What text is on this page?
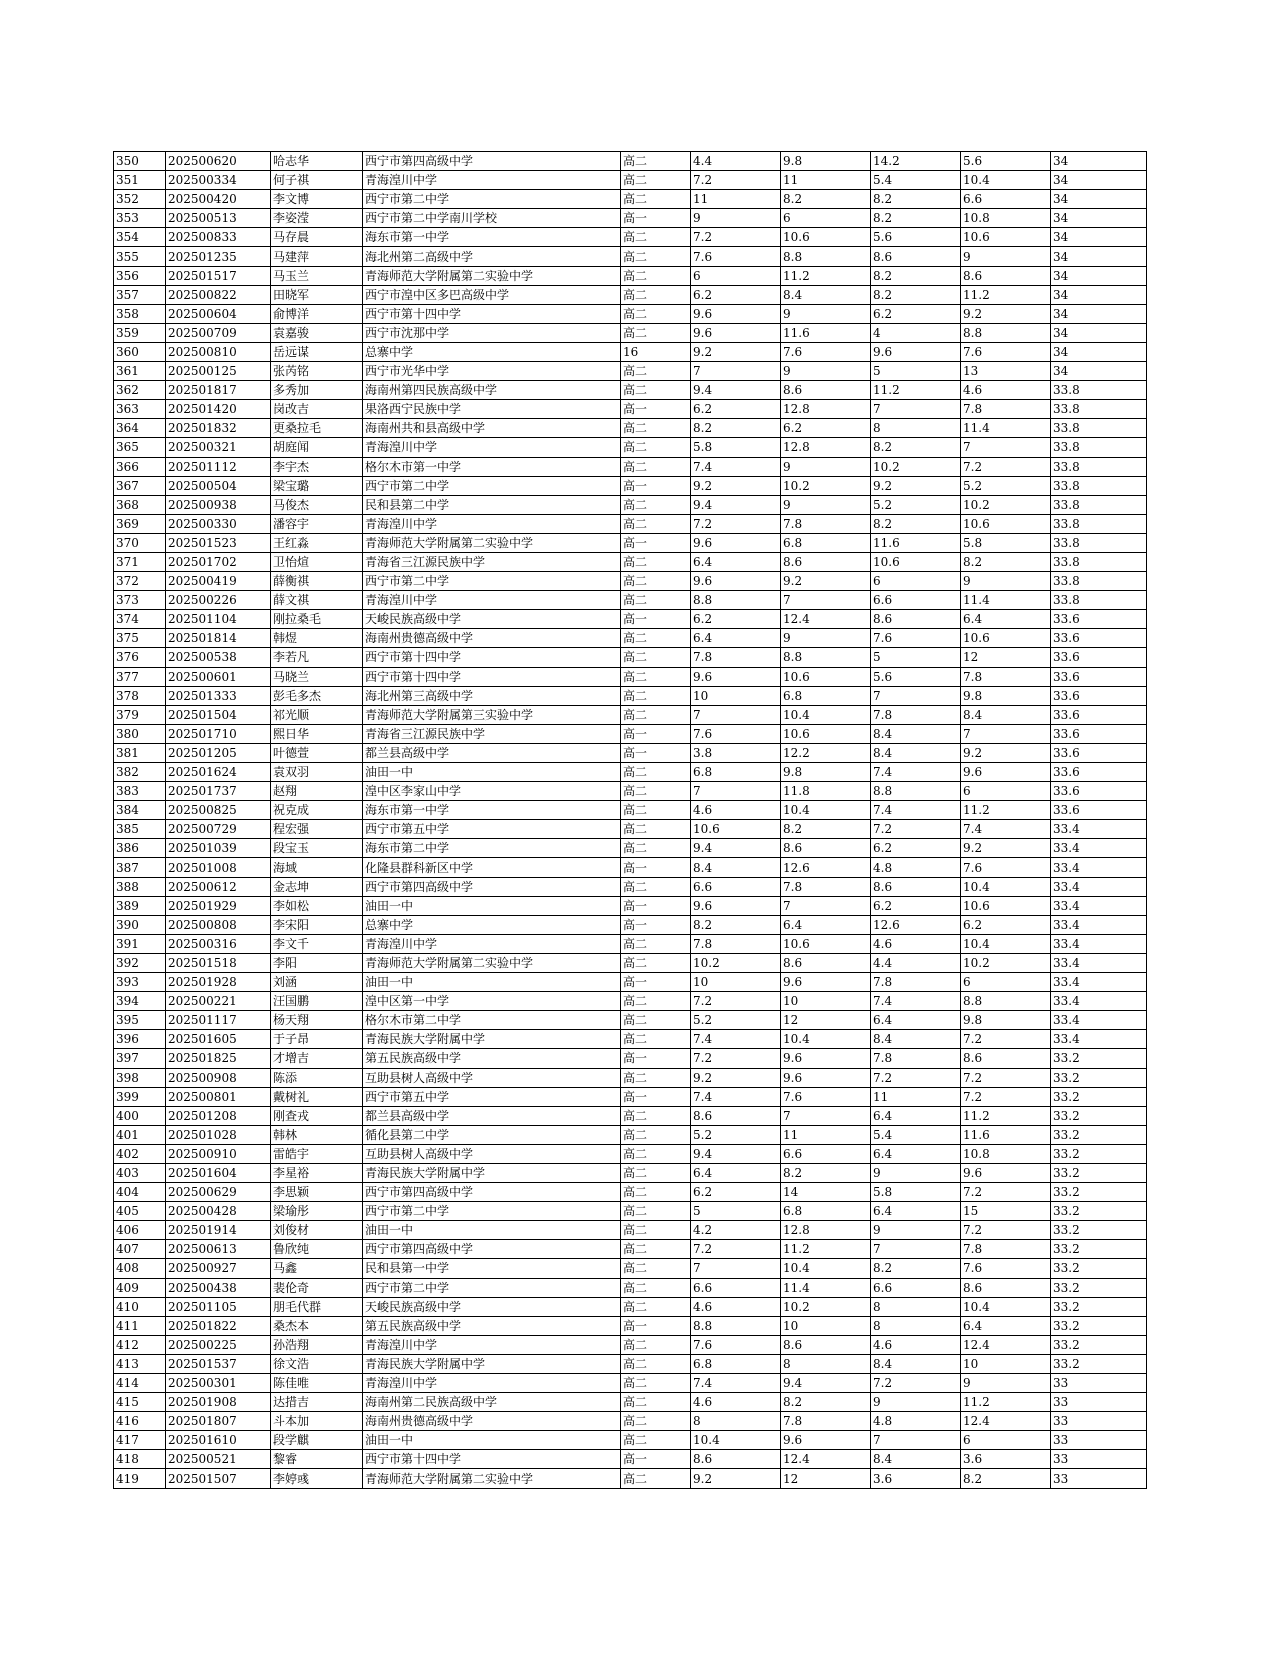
350	202500620	哈志华	西宁市第四高级中学	高二	4.4	9.8	14.2	5.6	34
351	202500334	何子祺	青海湟川中学	高二	7.2	11	5.4	10.4	34
352	202500420	李文博	西宁市第二中学	高二	11	8.2	8.2	6.6	34
353	202500513	李姿滢	西宁市第二中学南川学校	高一	9	6	8.2	10.8	34
354	202500833	马存晨	海东市第一中学	高二	7.2	10.6	5.6	10.6	34
355	202501235	马建萍	海北州第二高级中学	高二	7.6	8.8	8.6	9	34
356	202501517	马玉兰	青海师范大学附属第二实验中学	高二	6	11.2	8.2	8.6	34
357	202500822	田晓军	西宁市湟中区多巴高级中学	高二	6.2	8.4	8.2	11.2	34
358	202500604	俞博洋	西宁市第十四中学	高二	9.6	9	6.2	9.2	34
359	202500709	袁嘉骏	西宁市沈那中学	高二	9.6	11.6	4	8.8	34
360	202500810	岳远谋	总寨中学	16	9.2	7.6	9.6	7.6	34
361	202500125	张芮铭	西宁市光华中学	高二	7	9	5	13	34
362	202501817	多秀加	海南州第四民族高级中学	高二	9.4	8.6	11.2	4.6	33.8
363	202501420	岗改吉	果洛西宁民族中学	高一	6.2	12.8	7	7.8	33.8
364	202501832	更桑拉毛	海南州共和县高级中学	高二	8.2	6.2	8	11.4	33.8
365	202500321	胡庭闻	青海湟川中学	高二	5.8	12.8	8.2	7	33.8
366	202501112	李宇杰	格尔木市第一中学	高二	7.4	9	10.2	7.2	33.8
367	202500504	梁宝璐	西宁市第二中学	高一	9.2	10.2	9.2	5.2	33.8
368	202500938	马俊杰	民和县第二中学	高二	9.4	9	5.2	10.2	33.8
369	202500330	潘容宇	青海湟川中学	高二	7.2	7.8	8.2	10.6	33.8
370	202501523	王红淼	青海师范大学附属第二实验中学	高一	9.6	6.8	11.6	5.8	33.8
371	202501702	卫怡煊	青海省三江源民族中学	高二	6.4	8.6	10.6	8.2	33.8
372	202500419	薛衡祺	西宁市第二中学	高二	9.6	9.2	6	9	33.8
373	202500226	薛文祺	青海湟川中学	高二	8.8	7	6.6	11.4	33.8
374	202501104	刚拉桑毛	天峻民族高级中学	高一	6.2	12.4	8.6	6.4	33.6
375	202501814	韩煜	海南州贵德高级中学	高二	6.4	9	7.6	10.6	33.6
376	202500538	李若凡	西宁市第十四中学	高二	7.8	8.8	5	12	33.6
377	202500601	马晓兰	西宁市第十四中学	高二	9.6	10.6	5.6	7.8	33.6
378	202501333	彭毛多杰	海北州第三高级中学	高二	10	6.8	7	9.8	33.6
379	202501504	祁光顺	青海师范大学附属第三实验中学	高二	7	10.4	7.8	8.4	33.6
380	202501710	熙日华	青海省三江源民族中学	高一	7.6	10.6	8.4	7	33.6
381	202501205	叶德萱	都兰县高级中学	高一	3.8	12.2	8.4	9.2	33.6
382	202501624	袁双羽	油田一中	高二	6.8	9.8	7.4	9.6	33.6
383	202501737	赵翔	湟中区李家山中学	高二	7	11.8	8.8	6	33.6
384	202500825	祝克成	海东市第一中学	高二	4.6	10.4	7.4	11.2	33.6
385	202500729	程宏强	西宁市第五中学	高二	10.6	8.2	7.2	7.4	33.4
386	202501039	段宝玉	海东市第二中学	高二	9.4	8.6	6.2	9.2	33.4
387	202501008	海域	化隆县群科新区中学	高一	8.4	12.6	4.8	7.6	33.4
388	202500612	金志坤	西宁市第四高级中学	高二	6.6	7.8	8.6	10.4	33.4
389	202501929	李如松	油田一中	高一	9.6	7	6.2	10.6	33.4
390	202500808	李宋阳	总寨中学	高一	8.2	6.4	12.6	6.2	33.4
391	202500316	李文千	青海湟川中学	高二	7.8	10.6	4.6	10.4	33.4
392	202501518	李阳	青海师范大学附属第二实验中学	高二	10.2	8.6	4.4	10.2	33.4
393	202501928	刘涵	油田一中	高一	10	9.6	7.8	6	33.4
394	202500221	汪国鹏	湟中区第一中学	高二	7.2	10	7.4	8.8	33.4
395	202501117	杨天翔	格尔木市第二中学	高二	5.2	12	6.4	9.8	33.4
396	202501605	于子昂	青海民族大学附属中学	高二	7.4	10.4	8.4	7.2	33.4
397	202501825	才增吉	第五民族高级中学	高一	7.2	9.6	7.8	8.6	33.2
398	202500908	陈添	互助县树人高级中学	高二	9.2	9.6	7.2	7.2	33.2
399	202500801	戴树礼	西宁市第五中学	高一	7.4	7.6	11	7.2	33.2
400	202501208	刚查戎	都兰县高级中学	高二	8.6	7	6.4	11.2	33.2
401	202501028	韩林	循化县第二中学	高二	5.2	11	5.4	11.6	33.2
402	202500910	雷皓宇	互助县树人高级中学	高二	9.4	6.6	6.4	10.8	33.2
403	202501604	李星裕	青海民族大学附属中学	高二	6.4	8.2	9	9.6	33.2
404	202500629	李思颖	西宁市第四高级中学	高二	6.2	14	5.8	7.2	33.2
405	202500428	梁瑜彤	西宁市第二中学	高二	5	6.8	6.4	15	33.2
406	202501914	刘俊材	油田一中	高二	4.2	12.8	9	7.2	33.2
407	202500613	鲁欣纯	西宁市第四高级中学	高二	7.2	11.2	7	7.8	33.2
408	202500927	马鑫	民和县第一中学	高二	7	10.4	8.2	7.6	33.2
409	202500438	裴伦奇	西宁市第二中学	高二	6.6	11.4	6.6	8.6	33.2
410	202501105	朋毛代群	天峻民族高级中学	高二	4.6	10.2	8	10.4	33.2
411	202501822	桑杰本	第五民族高级中学	高一	8.8	10	8	6.4	33.2
412	202500225	孙浩翔	青海湟川中学	高二	7.6	8.6	4.6	12.4	33.2
413	202501537	徐文浩	青海民族大学附属中学	高二	6.8	8	8.4	10	33.2
414	202500301	陈佳唯	青海湟川中学	高二	7.4	9.4	7.2	9	33
415	202501908	达措吉	海南州第二民族高级中学	高二	4.6	8.2	9	11.2	33
416	202501807	斗本加	海南州贵德高级中学	高二	8	7.8	4.8	12.4	33
417	202501610	段学麒	油田一中	高二	10.4	9.6	7	6	33
418	202500521	黎睿	西宁市第十四中学	高一	8.6	12.4	8.4	3.6	33
419	202501507	李婷彧	青海师范大学附属第二实验中学	高二	9.2	12	3.6	8.2	33
